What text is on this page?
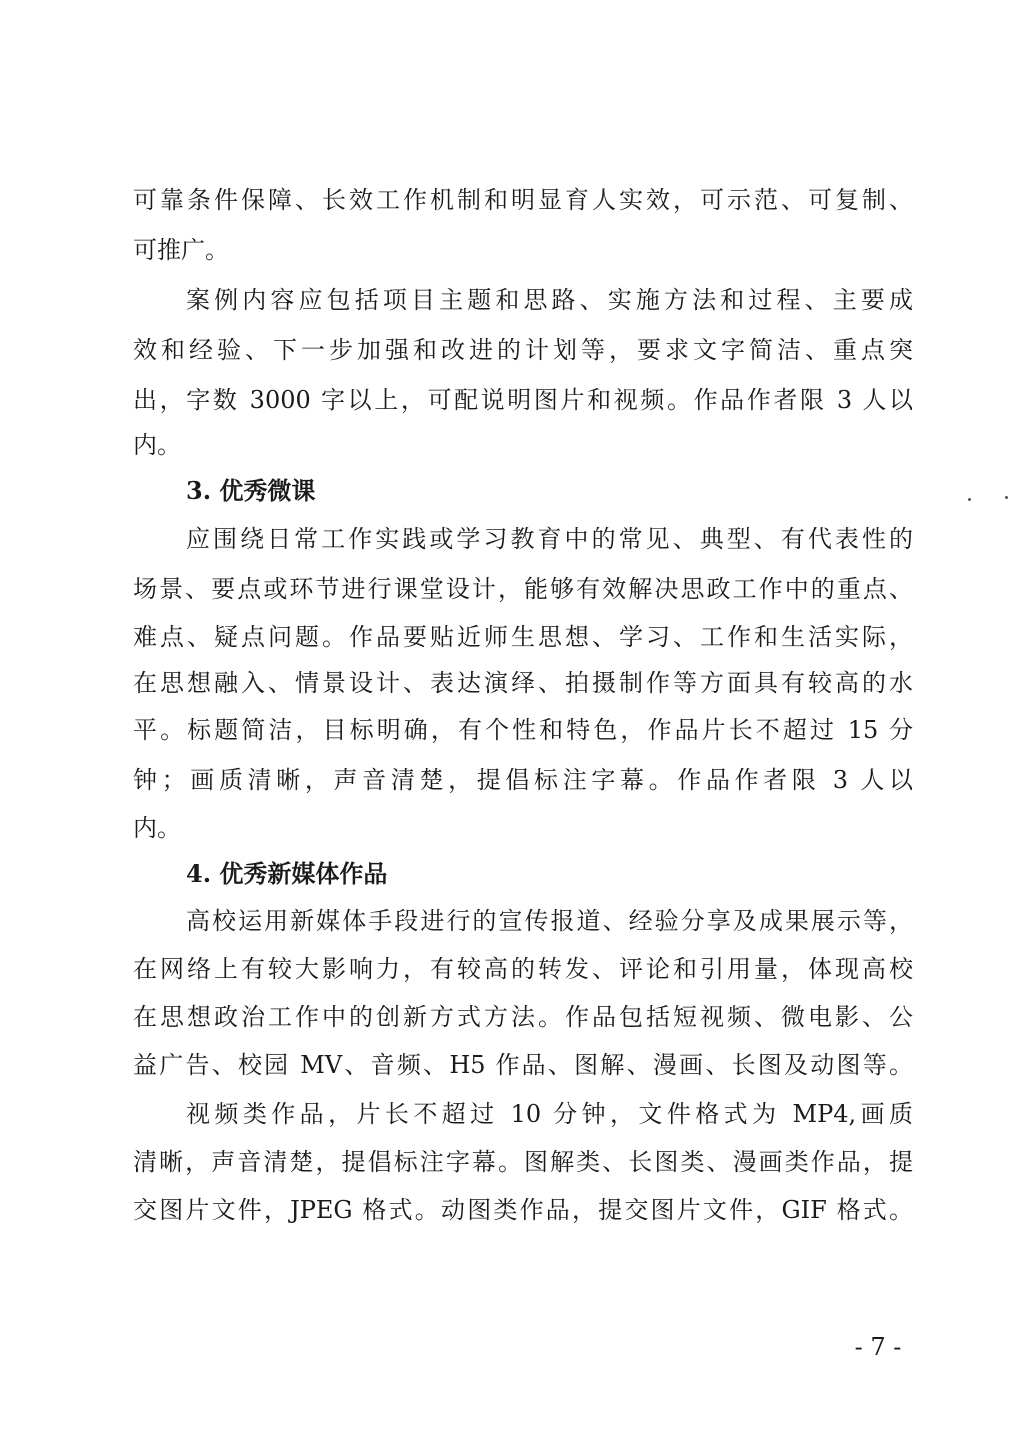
可靠条件保障、长效工作机制和明显育人实效，可示范、可复制、
可推广。
案例内容应包括项目主题和思路、实施方法和过程、主要成
效和经验、下一步加强和改进的计划等，要求文字简洁、重点突
出，字数 3000 字以上，可配说明图片和视频。作品作者限 3 人以
内。
3. 优秀微课
应围绕日常工作实践或学习教育中的常见、典型、有代表性的
场景、要点或环节进行课堂设计，能够有效解决思政工作中的重点、
难点、疑点问题。作品要贴近师生思想、学习、工作和生活实际，
在思想融入、情景设计、表达演绎、拍摄制作等方面具有较高的水
平。标题简洁，目标明确，有个性和特色，作品片长不超过 15 分
钟；画质清晰，声音清楚，提倡标注字幕。作品作者限 3 人以
内。
4. 优秀新媒体作品
高校运用新媒体手段进行的宣传报道、经验分享及成果展示等，
在网络上有较大影响力，有较高的转发、评论和引用量，体现高校
在思想政治工作中的创新方式方法。作品包括短视频、微电影、公
益广告、校园 MV、音频、H5 作品、图解、漫画、长图及动图等。
视频类作品，片长不超过 10 分钟，文件格式为 MP4,画质
清晰，声音清楚，提倡标注字幕。图解类、长图类、漫画类作品，提
交图片文件，JPEG 格式。动图类作品，提交图片文件，GIF 格式。
- 7 -
